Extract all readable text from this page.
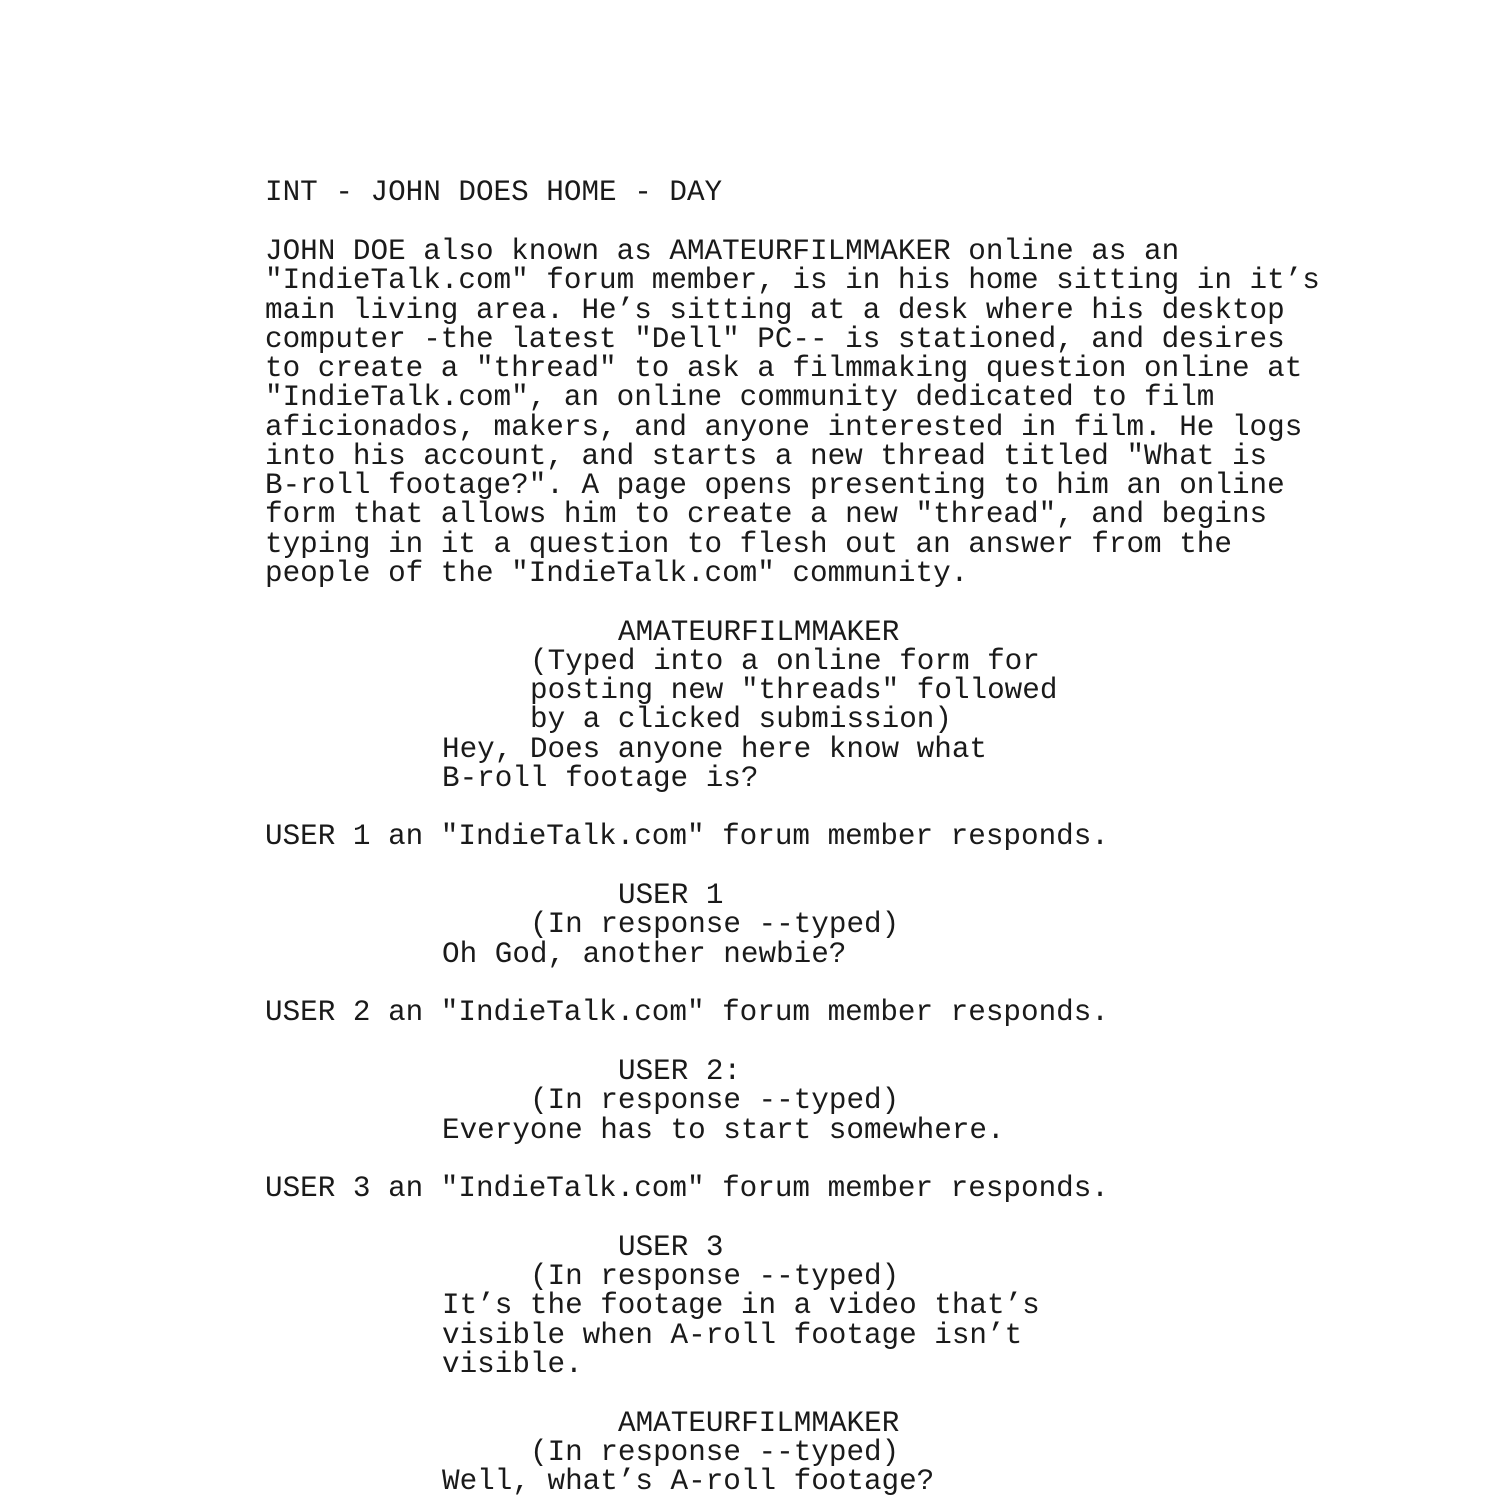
INT - JOHN DOES HOME - DAY
JOHN DOE also known as AMATEURFILMMAKER online as an
"IndieTalk.com" forum member, is in his home sitting in it’s
main living area. He’s sitting at a desk where his desktop
computer -the latest "Dell" PC-- is stationed, and desires
to create a "thread" to ask a filmmaking question online at
"IndieTalk.com", an online community dedicated to film
aficionados, makers, and anyone interested in film. He logs
into his account, and starts a new thread titled "What is
B-roll footage?". A page opens presenting to him an online
form that allows him to create a new "thread", and begins
typing in it a question to flesh out an answer from the
people of the "IndieTalk.com" community.
AMATEURFILMMAKER
(Typed into a online form for
posting new "threads" followed
by a clicked submission)
Hey, Does anyone here know what
B-roll footage is?
USER 1 an "IndieTalk.com" forum member responds.
USER 1
(In response --typed)
Oh God, another newbie?
USER 2 an "IndieTalk.com" forum member responds.
USER 2:
(In response --typed)
Everyone has to start somewhere.
USER 3 an "IndieTalk.com" forum member responds.
USER 3
(In response --typed)
It’s the footage in a video that’s
visible when A-roll footage isn’t
visible.
AMATEURFILMMAKER
(In response --typed)
Well, what’s A-roll footage?
